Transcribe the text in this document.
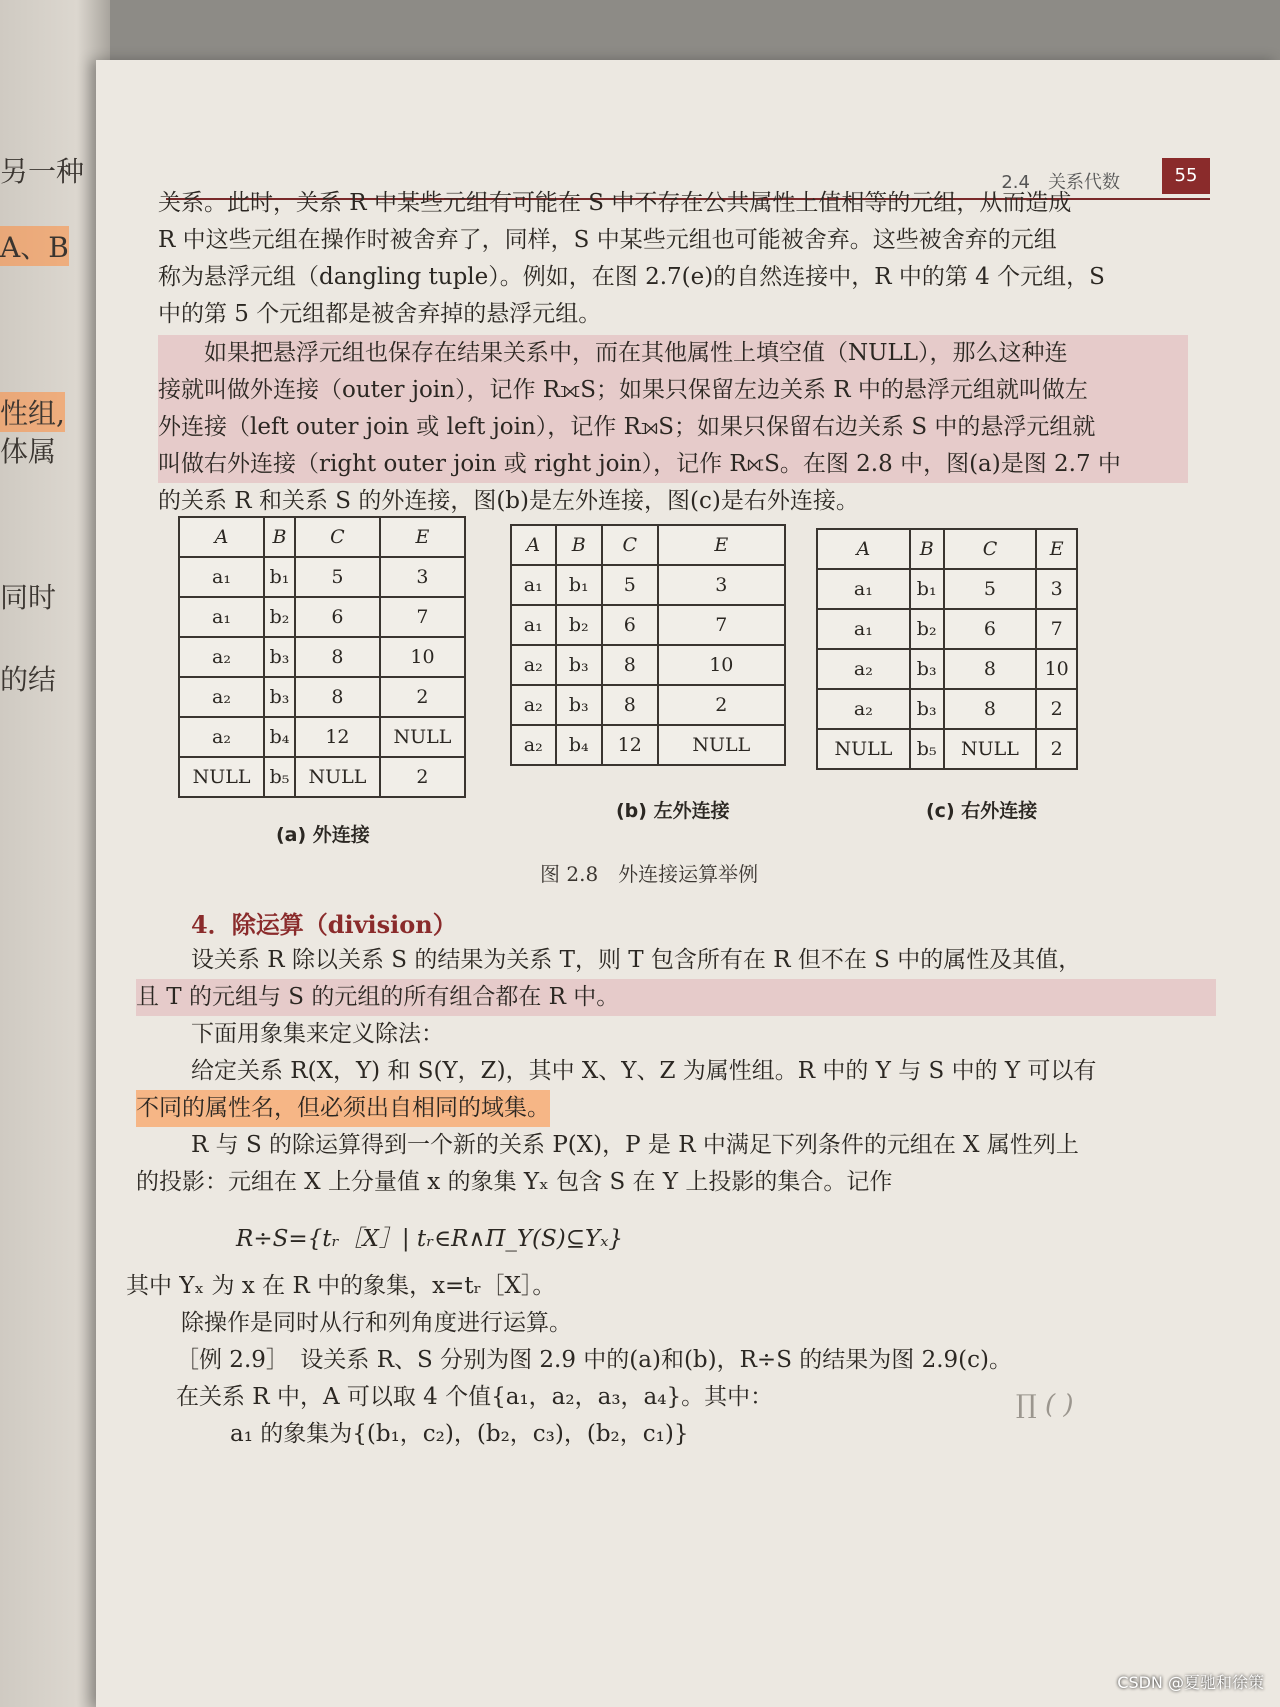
另一种
A、B
性组,
体属
同时
的结
2.4　关系代数	55
关系。此时，关系 R 中某些元组有可能在 S 中不存在公共属性上值相等的元组，从而造成
R 中这些元组在操作时被舍弃了，同样，S 中某些元组也可能被舍弃。这些被舍弃的元组
称为悬浮元组（dangling tuple）。例如，在图 2.7(e)的自然连接中，R 中的第 4 个元组，S
中的第 5 个元组都是被舍弃掉的悬浮元组。
如果把悬浮元组也保存在结果关系中，而在其他属性上填空值（NULL），那么这种连
接就叫做外连接（outer join），记作 R⟗S；如果只保留左边关系 R 中的悬浮元组就叫做左
外连接（left outer join 或 left join），记作 R⟕S；如果只保留右边关系 S 中的悬浮元组就
叫做右外连接（right outer join 或 right join），记作 R⟖S。在图 2.8 中，图(a)是图 2.7 中
的关系 R 和关系 S 的外连接，图(b)是左外连接，图(c)是右外连接。
A	B	C	E
a₁	b₁	5	3
a₁	b₂	6	7
a₂	b₃	8	10
a₂	b₃	8	2
a₂	b₄	12	NULL
NULL	b₅	NULL	2
(a) 外连接
A	B	C	E
a₁	b₁	5	3
a₁	b₂	6	7
a₂	b₃	8	10
a₂	b₃	8	2
a₂	b₄	12	NULL
(b) 左外连接
A	B	C	E
a₁	b₁	5	3
a₁	b₂	6	7
a₂	b₃	8	10
a₂	b₃	8	2
NULL	b₅	NULL	2
(c) 右外连接
图 2.8　外连接运算举例
4．除运算（division）
设关系 R 除以关系 S 的结果为关系 T，则 T 包含所有在 R 但不在 S 中的属性及其值，
且 T 的元组与 S 的元组的所有组合都在 R 中。
下面用象集来定义除法：
给定关系 R(X，Y) 和 S(Y，Z)，其中 X、Y、Z 为属性组。R 中的 Y 与 S 中的 Y 可以有
不同的属性名，但必须出自相同的域集。
R 与 S 的除运算得到一个新的关系 P(X)，P 是 R 中满足下列条件的元组在 X 属性列上
的投影：元组在 X 上分量值 x 的象集 Yₓ 包含 S 在 Y 上投影的集合。记作
R÷S={tᵣ［X］| tᵣ∈R∧Π_Y(S)⊆Yₓ}
其中 Yₓ 为 x 在 R 中的象集，x=tᵣ［X］。
除操作是同时从行和列角度进行运算。
［例 2.9］　设关系 R、S 分别为图 2.9 中的(a)和(b)，R÷S 的结果为图 2.9(c)。
在关系 R 中，A 可以取 4 个值{a₁，a₂，a₃，a₄}。其中：
a₁ 的象集为{(b₁，c₂)，(b₂，c₃)，(b₂，c₁)}
∏ ( )
CSDN @夏驰和徐策
